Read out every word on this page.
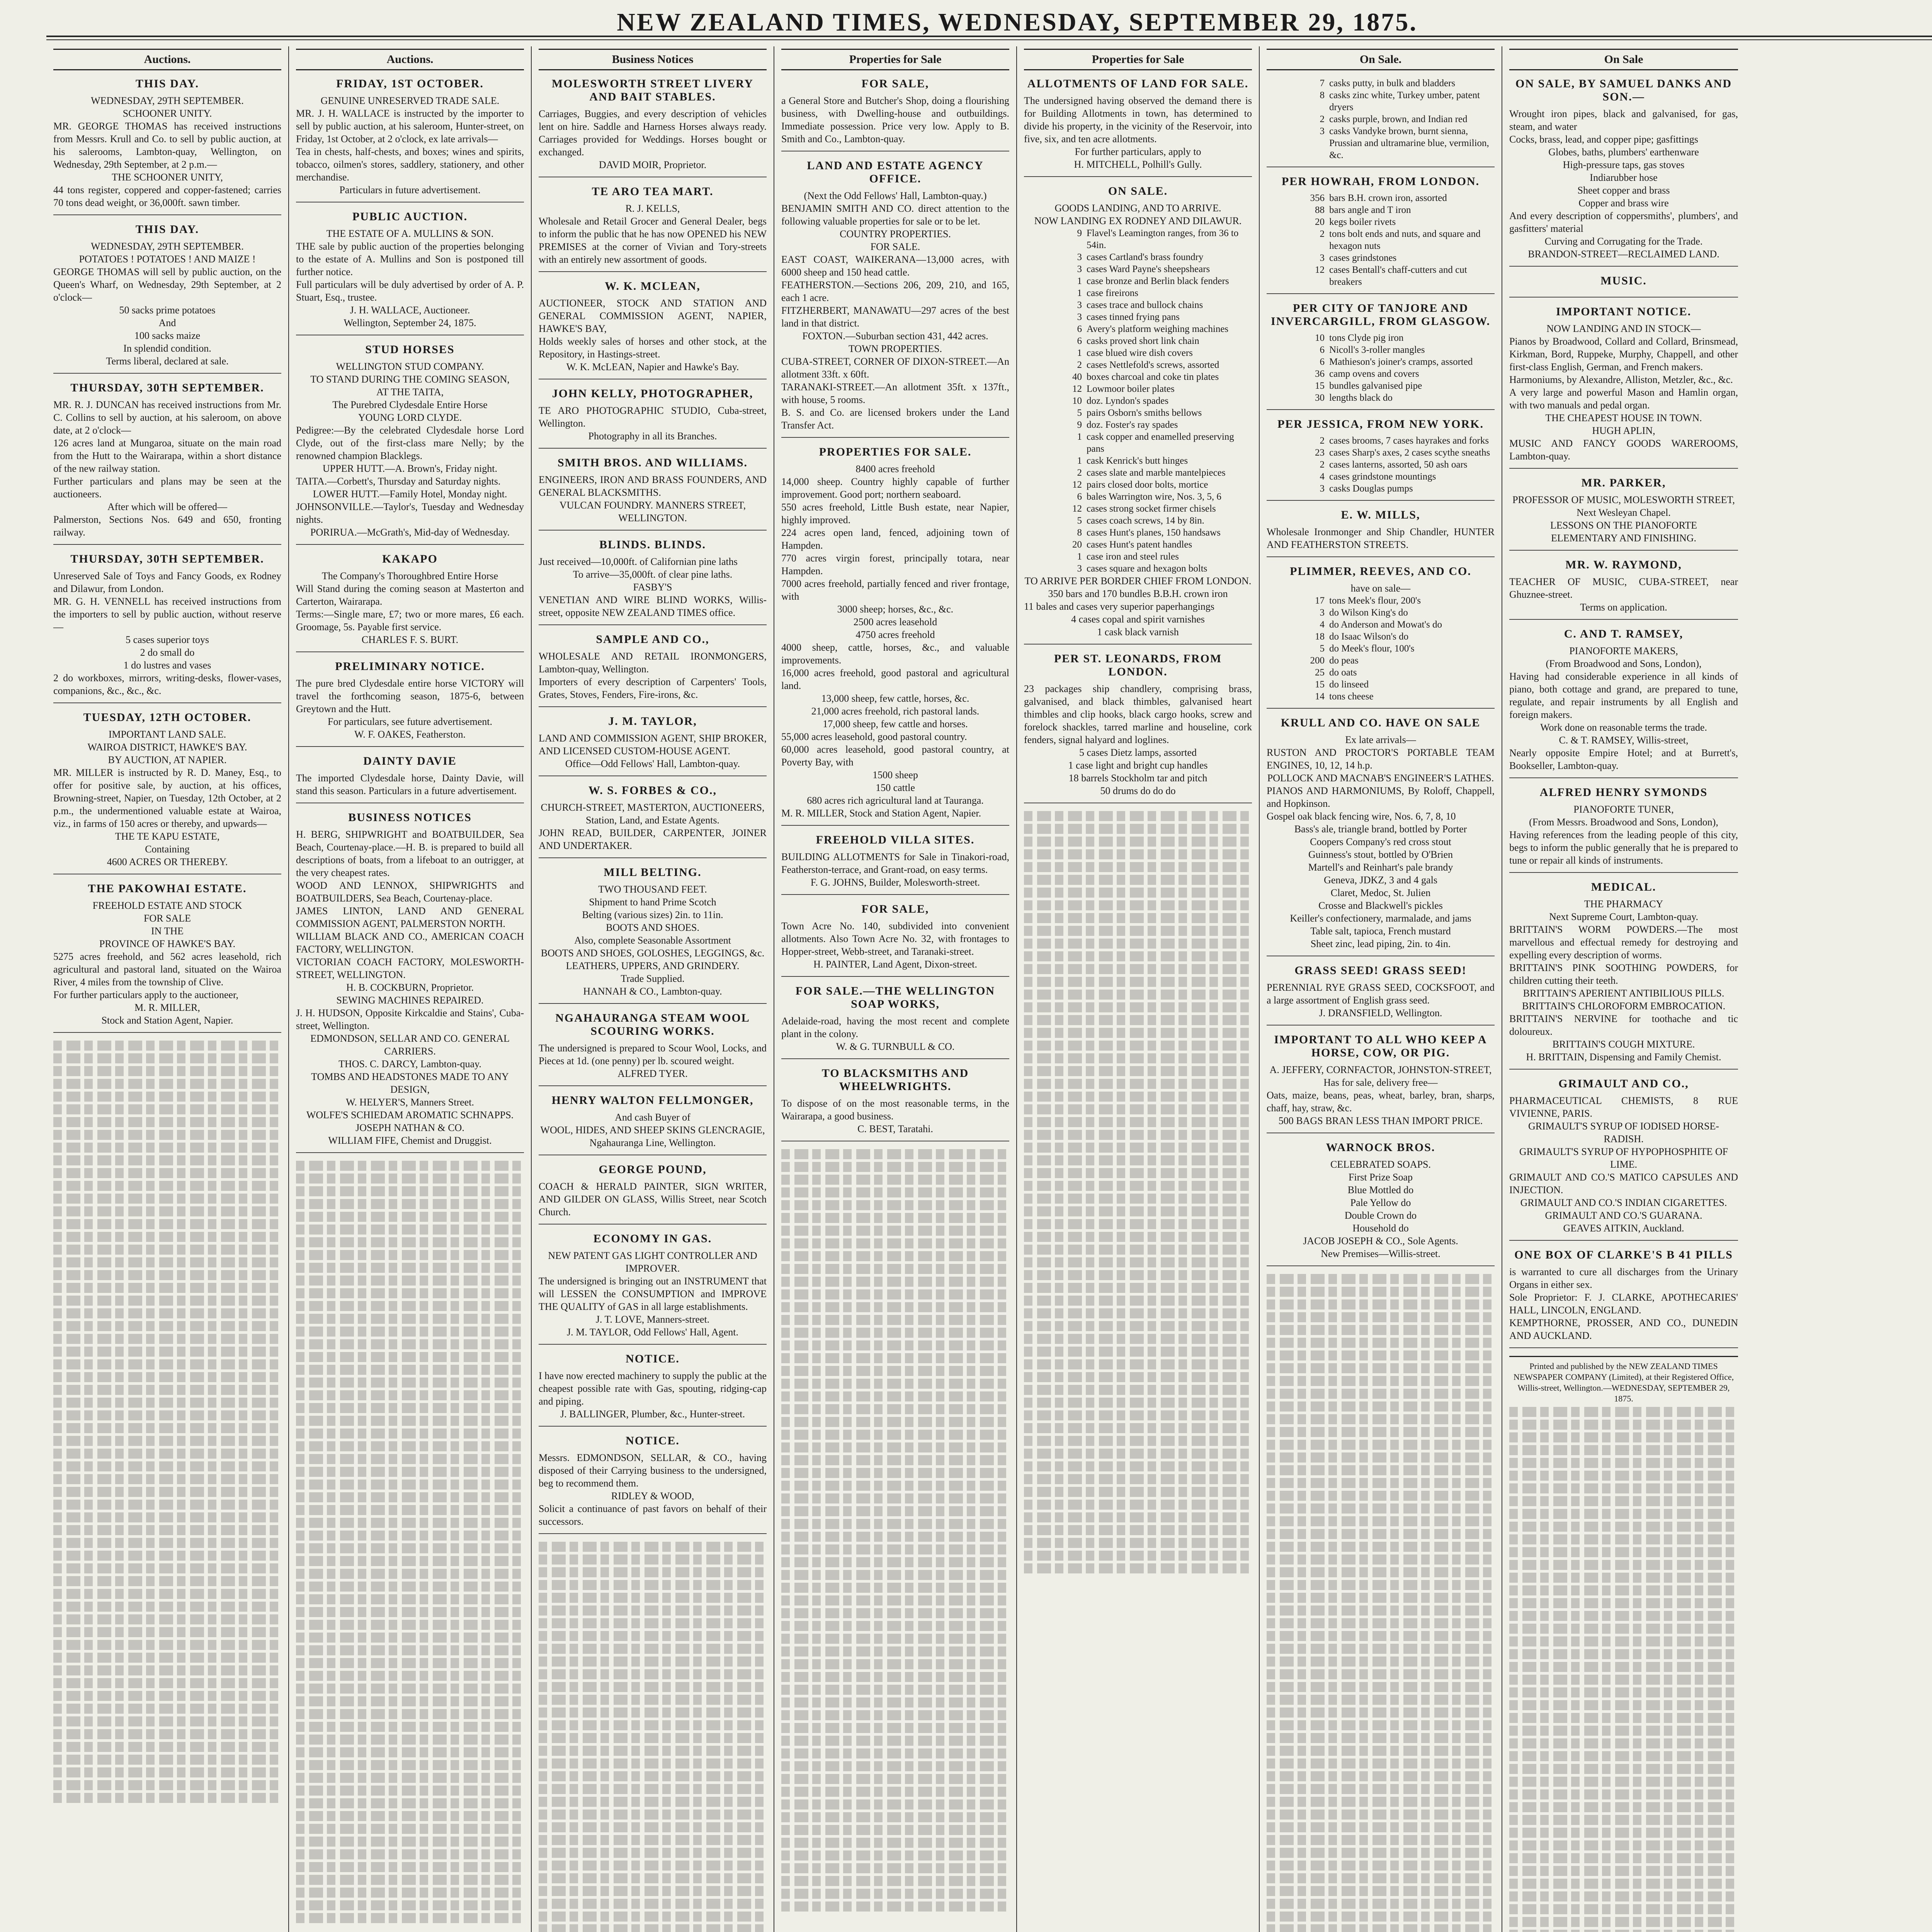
NEW ZEALAND TIMES, WEDNESDAY, SEPTEMBER 29, 1875.
Auctions.
THIS DAY.

WEDNESDAY, 29TH SEPTEMBER.

SCHOONER UNITY.

MR. GEORGE THOMAS has received instructions from Messrs. Krull and Co. to sell by public auction, at his salerooms, Lambton-quay, Wellington, on Wednesday, 29th September, at 2 p.m.—

THE SCHOONER UNITY,

44 tons register, coppered and copper-fastened; carries 70 tons dead weight, or 36,000ft. sawn timber.

THIS DAY.

WEDNESDAY, 29TH SEPTEMBER.

POTATOES ! POTATOES ! AND MAIZE !

GEORGE THOMAS will sell by public auction, on the Queen's Wharf, on Wednesday, 29th September, at 2 o'clock—

50 sacks prime potatoes

And

100 sacks maize

In splendid condition.

Terms liberal, declared at sale.

THURSDAY, 30TH SEPTEMBER.

MR. R. J. DUNCAN has received instructions from Mr. C. Collins to sell by auction, at his saleroom, on above date, at 2 o'clock—

126 acres land at Mungaroa, situate on the main road from the Hutt to the Wairarapa, within a short distance of the new railway station.

Further particulars and plans may be seen at the auctioneers.

After which will be offered—

Palmerston, Sections Nos. 649 and 650, fronting railway.

THURSDAY, 30TH SEPTEMBER.

Unreserved Sale of Toys and Fancy Goods, ex Rodney and Dilawur, from London.

MR. G. H. VENNELL has received instructions from the importers to sell by public auction, without reserve—

5 cases superior toys

2 do small do

1 do lustres and vases

2 do workboxes, mirrors, writing-desks, flower-vases, companions, &c., &c., &c.

TUESDAY, 12TH OCTOBER.

IMPORTANT LAND SALE.

WAIROA DISTRICT, HAWKE'S BAY.

BY AUCTION, AT NAPIER.

MR. MILLER is instructed by R. D. Maney, Esq., to offer for positive sale, by auction, at his offices, Browning-street, Napier, on Tuesday, 12th October, at 2 p.m., the undermentioned valuable estate at Wairoa, viz., in farms of 150 acres or thereby, and upwards—

THE TE KAPU ESTATE,

Containing

4600 ACRES OR THEREBY.

THE PAKOWHAI ESTATE.

FREEHOLD ESTATE AND STOCK

FOR SALE

IN THE

PROVINCE OF HAWKE'S BAY.

5275 acres freehold, and 562 acres leasehold, rich agricultural and pastoral land, situated on the Wairoa River, 4 miles from the township of Clive.

For further particulars apply to the auctioneer,

M. R. MILLER,

Stock and Station Agent, Napier.

Auctions.
FRIDAY, 1ST OCTOBER.

GENUINE UNRESERVED TRADE SALE.

MR. J. H. WALLACE is instructed by the importer to sell by public auction, at his saleroom, Hunter-street, on Friday, 1st October, at 2 o'clock, ex late arrivals—

Tea in chests, half-chests, and boxes; wines and spirits, tobacco, oilmen's stores, saddlery, stationery, and other merchandise.

Particulars in future advertisement.

PUBLIC AUCTION.

THE ESTATE OF A. MULLINS & SON.

THE sale by public auction of the properties belonging to the estate of A. Mullins and Son is postponed till further notice.

Full particulars will be duly advertised by order of A. P. Stuart, Esq., trustee.

J. H. WALLACE, Auctioneer.

Wellington, September 24, 1875.

STUD HORSES

WELLINGTON STUD COMPANY.

TO STAND DURING THE COMING SEASON,

AT THE TAITA,

The Purebred Clydesdale Entire Horse

YOUNG LORD CLYDE.

Pedigree:—By the celebrated Clydesdale horse Lord Clyde, out of the first-class mare Nelly; by the renowned champion Blacklegs.

UPPER HUTT.—A. Brown's, Friday night.

TAITA.—Corbett's, Thursday and Saturday nights.

LOWER HUTT.—Family Hotel, Monday night.

JOHNSONVILLE.—Taylor's, Tuesday and Wednesday nights.

PORIRUA.—McGrath's, Mid-day of Wednesday.

KAKAPO

The Company's Thoroughbred Entire Horse

Will Stand during the coming season at Masterton and Carterton, Wairarapa.

Terms:—Single mare, £7; two or more mares, £6 each. Groomage, 5s. Payable first service.

CHARLES F. S. BURT.

PRELIMINARY NOTICE.

The pure bred Clydesdale entire horse VICTORY will travel the forthcoming season, 1875-6, between Greytown and the Hutt.

For particulars, see future advertisement.

W. F. OAKES, Featherston.

DAINTY DAVIE

The imported Clydesdale horse, Dainty Davie, will stand this season. Particulars in a future advertisement.

BUSINESS NOTICES

H. BERG, SHIPWRIGHT and BOATBUILDER, Sea Beach, Courtenay-place.—H. B. is prepared to build all descriptions of boats, from a lifeboat to an outrigger, at the very cheapest rates.

WOOD AND LENNOX, SHIPWRIGHTS and BOATBUILDERS, Sea Beach, Courtenay-place.

JAMES LINTON, LAND AND GENERAL COMMISSION AGENT, PALMERSTON NORTH.

WILLIAM BLACK AND CO., AMERICAN COACH FACTORY, WELLINGTON.

VICTORIAN COACH FACTORY, MOLESWORTH-STREET, WELLINGTON.

H. B. COCKBURN, Proprietor.

SEWING MACHINES REPAIRED.

J. H. HUDSON, Opposite Kirkcaldie and Stains', Cuba-street, Wellington.

EDMONDSON, SELLAR AND CO. GENERAL CARRIERS.

THOS. C. DARCY, Lambton-quay.

TOMBS AND HEADSTONES MADE TO ANY DESIGN,

W. HELYER'S, Manners Street.

WOLFE'S SCHIEDAM AROMATIC SCHNAPPS.

JOSEPH NATHAN & CO.

WILLIAM FIFE, Chemist and Druggist.

Business Notices
MOLESWORTH STREET LIVERY AND BAIT STABLES.

Carriages, Buggies, and every description of vehicles lent on hire. Saddle and Harness Horses always ready. Carriages provided for Weddings. Horses bought or exchanged.

DAVID MOIR, Proprietor.

TE ARO TEA MART.

R. J. KELLS,

Wholesale and Retail Grocer and General Dealer, begs to inform the public that he has now OPENED his NEW PREMISES at the corner of Vivian and Tory-streets with an entirely new assortment of goods.

W. K. MCLEAN,

AUCTIONEER, STOCK AND STATION AND GENERAL COMMISSION AGENT, NAPIER, HAWKE'S BAY,

Holds weekly sales of horses and other stock, at the Repository, in Hastings-street.

W. K. McLEAN, Napier and Hawke's Bay.

JOHN KELLY, PHOTOGRAPHER,

TE ARO PHOTOGRAPHIC STUDIO, Cuba-street, Wellington.

Photography in all its Branches.

SMITH BROS. AND WILLIAMS.

ENGINEERS, IRON AND BRASS FOUNDERS, AND GENERAL BLACKSMITHS.

VULCAN FOUNDRY. MANNERS STREET, WELLINGTON.

BLINDS. BLINDS.

Just received—10,000ft. of Californian pine laths

To arrive—35,000ft. of clear pine laths.

FASBY'S

VENETIAN AND WIRE BLIND WORKS, Willis-street, opposite NEW ZEALAND TIMES office.

SAMPLE AND CO.,

WHOLESALE AND RETAIL IRONMONGERS, Lambton-quay, Wellington.

Importers of every description of Carpenters' Tools, Grates, Stoves, Fenders, Fire-irons, &c.

J. M. TAYLOR,

LAND AND COMMISSION AGENT, SHIP BROKER, AND LICENSED CUSTOM-HOUSE AGENT.

Office—Odd Fellows' Hall, Lambton-quay.

W. S. FORBES & CO.,

CHURCH-STREET, MASTERTON, AUCTIONEERS,

Station, Land, and Estate Agents.

JOHN READ, BUILDER, CARPENTER, JOINER AND UNDERTAKER.

MILL BELTING.

TWO THOUSAND FEET.

Shipment to hand Prime Scotch

Belting (various sizes) 2in. to 11in.

BOOTS AND SHOES.

Also, complete Seasonable Assortment

BOOTS AND SHOES, GOLOSHES, LEGGINGS, &c.

LEATHERS, UPPERS, AND GRINDERY.

Trade Supplied.

HANNAH & CO., Lambton-quay.

NGAHAURANGA STEAM WOOL SCOURING WORKS.

The undersigned is prepared to Scour Wool, Locks, and Pieces at 1d. (one penny) per lb. scoured weight.

ALFRED TYER.

HENRY WALTON FELLMONGER,

And cash Buyer of

WOOL, HIDES, AND SHEEP SKINS GLENCRAGIE,

Ngahauranga Line, Wellington.

GEORGE POUND,

COACH & HERALD PAINTER, SIGN WRITER, AND GILDER ON GLASS, Willis Street, near Scotch Church.

ECONOMY IN GAS.

NEW PATENT GAS LIGHT CONTROLLER AND IMPROVER.

The undersigned is bringing out an INSTRUMENT that will LESSEN the CONSUMPTION and IMPROVE THE QUALITY of GAS in all large establishments.

J. T. LOVE, Manners-street.

J. M. TAYLOR, Odd Fellows' Hall, Agent.

NOTICE.

I have now erected machinery to supply the public at the cheapest possible rate with Gas, spouting, ridging-cap and piping.

J. BALLINGER, Plumber, &c., Hunter-street.

NOTICE.

Messrs. EDMONDSON, SELLAR, & CO., having disposed of their Carrying business to the undersigned, beg to recommend them.

RIDLEY & WOOD,

Solicit a continuance of past favors on behalf of their successors.

Properties for Sale
FOR SALE,

a General Store and Butcher's Shop, doing a flourishing business, with Dwelling-house and outbuildings. Immediate possession. Price very low. Apply to B. Smith and Co., Lambton-quay.

LAND AND ESTATE AGENCY OFFICE.

(Next the Odd Fellows' Hall, Lambton-quay.)

BENJAMIN SMITH AND CO. direct attention to the following valuable properties for sale or to be let.

COUNTRY PROPERTIES.

FOR SALE.

EAST COAST, WAIKERANA—13,000 acres, with 6000 sheep and 150 head cattle.

FEATHERSTON.—Sections 206, 209, 210, and 165, each 1 acre.

FITZHERBERT, MANAWATU—297 acres of the best land in that district.

FOXTON.—Suburban section 431, 442 acres.

TOWN PROPERTIES.

CUBA-STREET, CORNER OF DIXON-STREET.—An allotment 33ft. x 60ft.

TARANAKI-STREET.—An allotment 35ft. x 137ft., with house, 5 rooms.

B. S. and Co. are licensed brokers under the Land Transfer Act.

PROPERTIES FOR SALE.

8400 acres freehold

14,000 sheep. Country highly capable of further improvement. Good port; northern seaboard.

550 acres freehold, Little Bush estate, near Napier, highly improved.

224 acres open land, fenced, adjoining town of Hampden.

770 acres virgin forest, principally totara, near Hampden.

7000 acres freehold, partially fenced and river frontage, with

3000 sheep; horses, &c., &c.

2500 acres leasehold

4750 acres freehold

4000 sheep, cattle, horses, &c., and valuable improvements.

16,000 acres freehold, good pastoral and agricultural land.

13,000 sheep, few cattle, horses, &c.

21,000 acres freehold, rich pastoral lands.

17,000 sheep, few cattle and horses.

55,000 acres leasehold, good pastoral country.

60,000 acres leasehold, good pastoral country, at Poverty Bay, with

1500 sheep

150 cattle

680 acres rich agricultural land at Tauranga.

M. R. MILLER, Stock and Station Agent, Napier.

FREEHOLD VILLA SITES.

BUILDING ALLOTMENTS for Sale in Tinakori-road, Featherston-terrace, and Grant-road, on easy terms.

F. G. JOHNS, Builder, Molesworth-street.

FOR SALE,

Town Acre No. 140, subdivided into convenient allotments. Also Town Acre No. 32, with frontages to Hopper-street, Webb-street, and Taranaki-street.

H. PAINTER, Land Agent, Dixon-street.

FOR SALE.—THE WELLINGTON SOAP WORKS,

Adelaide-road, having the most recent and complete plant in the colony.

W. & G. TURNBULL & CO.

TO BLACKSMITHS AND WHEELWRIGHTS.

To dispose of on the most reasonable terms, in the Wairarapa, a good business.

C. BEST, Taratahi.

Properties for Sale
ALLOTMENTS OF LAND FOR SALE.

The undersigned having observed the demand there is for Building Allotments in town, has determined to divide his property, in the vicinity of the Reservoir, into five, six, and ten acre allotments.

For further particulars, apply to

H. MITCHELL, Polhill's Gully.

ON SALE.

GOODS LANDING, AND TO ARRIVE.

NOW LANDING EX RODNEY AND DILAWUR.

9 Flavel's Leamington ranges, from 36 to 54in.
3 cases Cartland's brass foundry
3 cases Ward Payne's sheepshears
1 case bronze and Berlin black fenders
1 case fireirons
3 cases trace and bullock chains
3 cases tinned frying pans
6 Avery's platform weighing machines
6 casks proved short link chain
1 case blued wire dish covers
2 cases Nettlefold's screws, assorted
40 boxes charcoal and coke tin plates
12 Lowmoor boiler plates
10 doz. Lyndon's spades
5 pairs Osborn's smiths bellows
9 doz. Foster's ray spades
1 cask copper and enamelled preserving pans
1 cask Kenrick's butt hinges
2 cases slate and marble mantelpieces
12 pairs closed door bolts, mortice
6 bales Warrington wire, Nos. 3, 5, 6
12 cases strong socket firmer chisels
5 cases coach screws, 14 by 8in.
8 cases Hunt's planes, 150 handsaws
20 cases Hunt's patent handles
1 case iron and steel rules
3 cases square and hexagon bolts

TO ARRIVE PER BORDER CHIEF FROM LONDON.

350 bars and 170 bundles B.B.H. crown iron

11 bales and cases very superior paperhangings

4 cases copal and spirit varnishes

1 cask black varnish

PER ST. LEONARDS, FROM LONDON.

23 packages ship chandlery, comprising brass, galvanised, and black thimbles, galvanised heart thimbles and clip hooks, black cargo hooks, screw and forelock shackles, tarred marline and houseline, cork fenders, signal halyard and loglines.

5 cases Dietz lamps, assorted

1 case light and bright cup handles

18 barrels Stockholm tar and pitch

50 drums do do do

On Sale.
7 casks putty, in bulk and bladders
8 casks zinc white, Turkey umber, patent dryers
2 casks purple, brown, and Indian red
3 casks Vandyke brown, burnt sienna, Prussian and ultramarine blue, vermilion, &c.
PER HOWRAH, FROM LONDON.
356 bars B.H. crown iron, assorted
88 bars angle and T iron
20 kegs boiler rivets
2 tons bolt ends and nuts, and square and hexagon nuts
3 cases grindstones
12 cases Bentall's chaff-cutters and cut breakers
PER CITY OF TANJORE AND INVERCARGILL, FROM GLASGOW.
10 tons Clyde pig iron
6 Nicoll's 3-roller mangles
6 Mathieson's joiner's cramps, assorted
36 camp ovens and covers
15 bundles galvanised pipe
30 lengths black do
PER JESSICA, FROM NEW YORK.
2 cases brooms, 7 cases hayrakes and forks
23 cases Sharp's axes, 2 cases scythe sneaths
2 cases lanterns, assorted, 50 ash oars
4 cases grindstone mountings
3 casks Douglas pumps
E. W. MILLS,

Wholesale Ironmonger and Ship Chandler, HUNTER AND FEATHERSTON STREETS.

PLIMMER, REEVES, AND CO.

have on sale—

17 tons Meek's flour, 200's
3 do Wilson King's do
4 do Anderson and Mowat's do
18 do Isaac Wilson's do
5 do Meek's flour, 100's
200 do peas
25 do oats
15 do linseed
14 tons cheese
KRULL AND CO. HAVE ON SALE

Ex late arrivals—

RUSTON AND PROCTOR'S PORTABLE TEAM ENGINES, 10, 12, 14 h.p.

POLLOCK AND MACNAB'S ENGINEER'S LATHES.

PIANOS AND HARMONIUMS, By Roloff, Chappell, and Hopkinson.

Gospel oak black fencing wire, Nos. 6, 7, 8, 10

Bass's ale, triangle brand, bottled by Porter

Coopers Company's red cross stout

Guinness's stout, bottled by O'Brien

Martell's and Reinhart's pale brandy

Geneva, JDKZ, 3 and 4 gals

Claret, Medoc, St. Julien

Crosse and Blackwell's pickles

Keiller's confectionery, marmalade, and jams

Table salt, tapioca, French mustard

Sheet zinc, lead piping, 2in. to 4in.

GRASS SEED! GRASS SEED!

PERENNIAL RYE GRASS SEED, COCKSFOOT, and a large assortment of English grass seed.

J. DRANSFIELD, Wellington.

IMPORTANT TO ALL WHO KEEP A HORSE, COW, OR PIG.

A. JEFFERY, CORNFACTOR, JOHNSTON-STREET,

Has for sale, delivery free—

Oats, maize, beans, peas, wheat, barley, bran, sharps, chaff, hay, straw, &c.

500 BAGS BRAN LESS THAN IMPORT PRICE.

WARNOCK BROS.

CELEBRATED SOAPS.

First Prize Soap

Blue Mottled do

Pale Yellow do

Double Crown do

Household do

JACOB JOSEPH & CO., Sole Agents.

New Premises—Willis-street.

On Sale
ON SALE, BY SAMUEL DANKS AND SON.—

Wrought iron pipes, black and galvanised, for gas, steam, and water

Cocks, brass, lead, and copper pipe; gasfittings

Globes, baths, plumbers' earthenware

High-pressure taps, gas stoves

Indiarubber hose

Sheet copper and brass

Copper and brass wire

And every description of coppersmiths', plumbers', and gasfitters' material

Curving and Corrugating for the Trade.

BRANDON-STREET—RECLAIMED LAND.

MUSIC.
IMPORTANT NOTICE.

NOW LANDING AND IN STOCK—

Pianos by Broadwood, Collard and Collard, Brinsmead, Kirkman, Bord, Ruppeke, Murphy, Chappell, and other first-class English, German, and French makers.

Harmoniums, by Alexandre, Alliston, Metzler, &c., &c.

A very large and powerful Mason and Hamlin organ, with two manuals and pedal organ.

THE CHEAPEST HOUSE IN TOWN.

HUGH APLIN,

MUSIC AND FANCY GOODS WAREROOMS, Lambton-quay.

MR. PARKER,

PROFESSOR OF MUSIC, MOLESWORTH STREET,

Next Wesleyan Chapel.

LESSONS ON THE PIANOFORTE

ELEMENTARY AND FINISHING.

MR. W. RAYMOND,

TEACHER OF MUSIC, CUBA-STREET, near Ghuznee-street.

Terms on application.

C. AND T. RAMSEY,

PIANOFORTE MAKERS,

(From Broadwood and Sons, London),

Having had considerable experience in all kinds of piano, both cottage and grand, are prepared to tune, regulate, and repair instruments by all English and foreign makers.

Work done on reasonable terms the trade.

C. & T. RAMSEY, Willis-street,

Nearly opposite Empire Hotel; and at Burrett's, Bookseller, Lambton-quay.

ALFRED HENRY SYMONDS

PIANOFORTE TUNER,

(From Messrs. Broadwood and Sons, London),

Having references from the leading people of this city, begs to inform the public generally that he is prepared to tune or repair all kinds of instruments.

MEDICAL.

THE PHARMACY

Next Supreme Court, Lambton-quay.

BRITTAIN'S WORM POWDERS.—The most marvellous and effectual remedy for destroying and expelling every description of worms.

BRITTAIN'S PINK SOOTHING POWDERS, for children cutting their teeth.

BRITTAIN'S APERIENT ANTIBILIOUS PILLS.

BRITTAIN'S CHLOROFORM EMBROCATION.

BRITTAIN'S NERVINE for toothache and tic doloureux.

BRITTAIN'S COUGH MIXTURE.

H. BRITTAIN, Dispensing and Family Chemist.

GRIMAULT AND CO.,

PHARMACEUTICAL CHEMISTS, 8 RUE VIVIENNE, PARIS.

GRIMAULT'S SYRUP OF IODISED HORSE-RADISH.

GRIMAULT'S SYRUP OF HYPOPHOSPHITE OF LIME.

GRIMAULT AND CO.'S MATICO CAPSULES AND INJECTION.

GRIMAULT AND CO.'S INDIAN CIGARETTES.

GRIMAULT AND CO.'S GUARANA.

GEAVES AITKIN, Auckland.

ONE BOX OF CLARKE'S B 41 PILLS

is warranted to cure all discharges from the Urinary Organs in either sex.

Sole Proprietor: F. J. CLARKE, APOTHECARIES' HALL, LINCOLN, ENGLAND.

KEMPTHORNE, PROSSER, AND CO., DUNEDIN AND AUCKLAND.

Printed and published by the NEW ZEALAND TIMES NEWSPAPER COMPANY (Limited), at their Registered Office, Willis-street, Wellington.—WEDNESDAY, SEPTEMBER 29, 1875.
